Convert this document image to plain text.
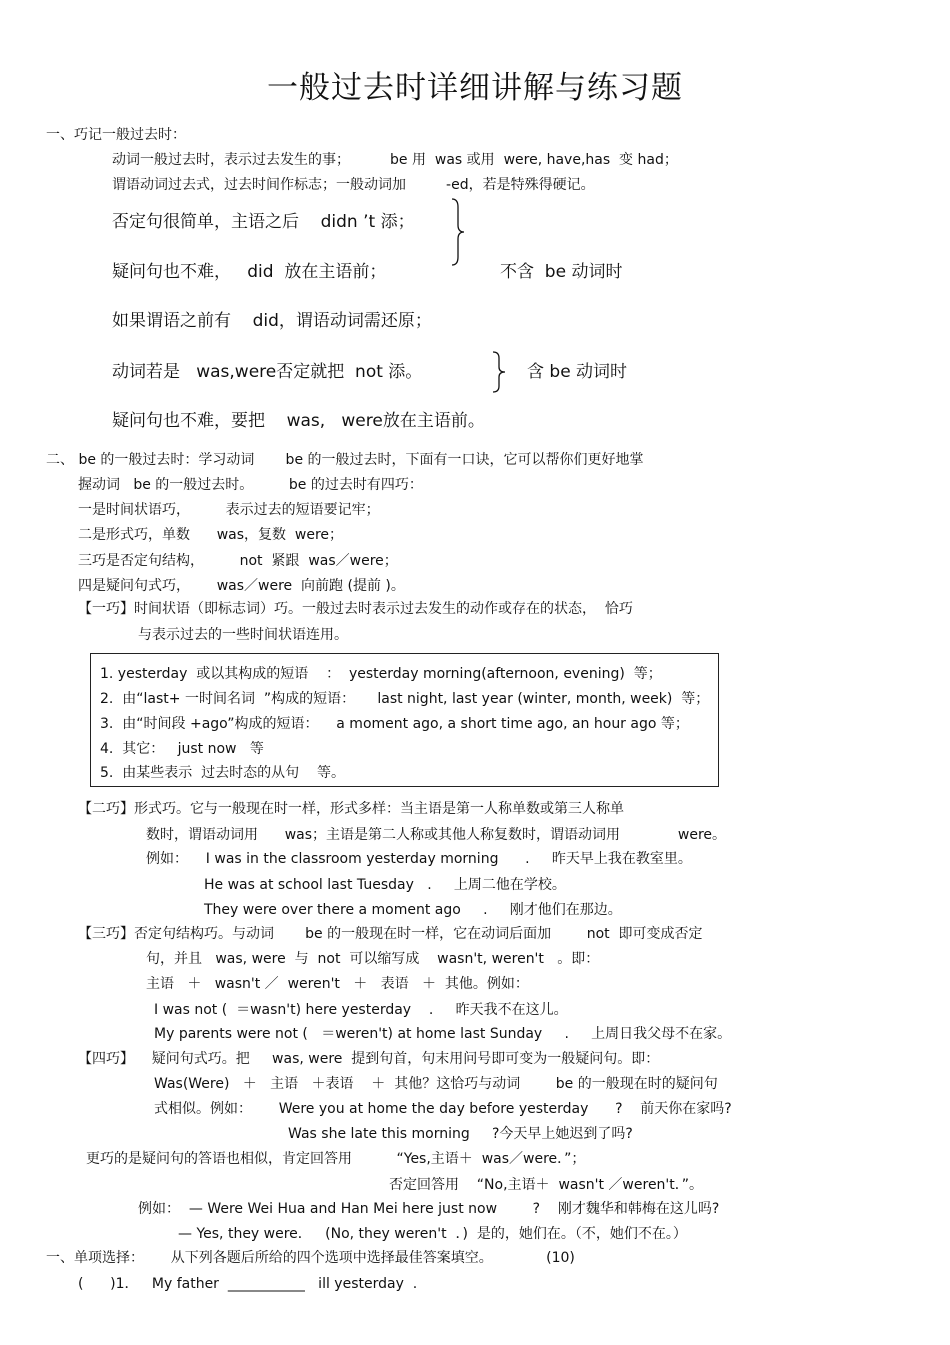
一般过去时详细讲解与练习题
一、巧记一般过去时：
动词一般过去时，表示过去发生的事；         be 用  was 或用  were, have,has  变 had；
谓语动词过去式，过去时间作标志；一般动词加         -ed，若是特殊得硬记。
否定句很简单，主语之后    didn ’t 添；
疑问句也不难，   did  放在主语前；	不含  be 动词时
如果谓语之前有    did，谓语动词需还原；
动词若是   was,were否定就把  not 添。	含 be 动词时
疑问句也不难，要把    was,   were放在主语前。
二、 be 的一般过去时：学习动词       be 的一般过去时，下面有一口诀，它可以帮你们更好地掌
握动词   be 的一般过去时。        be 的过去时有四巧：
一是时间状语巧，        表示过去的短语要记牢；
二是形式巧，单数      was，复数  were；
三巧是否定句结构，        not  紧跟  was／were；
四是疑问句式巧，      was／were  向前跑 (提前 )。
【一巧】时间状语（即标志词）巧。一般过去时表示过去发生的动作或存在的状态，  恰巧
与表示过去的一些时间状语连用。
1. yesterday  或以其构成的短语    ：  yesterday morning(afternoon, evening)  等；
2.  由“last+ 一时间名词  ”构成的短语：     last night, last year (winter, month, week)  等；
3.  由“时间段 +ago”构成的短语：    a moment ago, a short time ago, an hour ago 等；
4.  其它：   just now   等
5.  由某些表示  过去时态的从句    等。
【二巧】形式巧。它与一般现在时一样，形式多样：当主语是第一人称单数或第三人称单
数时，谓语动词用      was；主语是第二人称或其他人称复数时，谓语动词用             were。
例如：    I was in the classroom yesterday morning      .     昨天早上我在教室里。
He was at school last Tuesday   .     上周二他在学校。
They were over there a moment ago     .     刚才他们在那边。
【三巧】否定句结构巧。与动词       be 的一般现在时一样，它在动词后面加        not  即可变成否定
句，并且   was, were  与  not  可以缩写成    wasn't, weren't   。即：
主语   ＋   wasn't ／  weren't   ＋   表语   ＋  其他。例如：
I was not (  ＝wasn't) here yesterday    .     昨天我不在这儿。
My parents were not (   ＝weren't) at home last Sunday     .     上周日我父母不在家。
【四巧】    疑问句式巧。把     was, were  提到句首，句末用问号即可变为一般疑问句。即：
Was(Were)   ＋   主语   ＋表语    ＋  其他？这恰巧与动词        be 的一般现在时的疑问句
式相似。例如：      Were you at home the day before yesterday      ?    前天你在家吗?
Was she late this morning     ?今天早上她迟到了吗?
更巧的是疑问句的答语也相似，肯定回答用          “Yes,主语＋  was／were．”；
否定回答用    “No,主语＋  wasn't ／weren't．”。
例如：  — Were Wei Hua and Han Mei here just now        ?    刚才魏华和韩梅在这儿吗?
— Yes, they were．   (No, they weren't  ．)  是的，她们在。（不，她们不在。）
一、单项选择：      从下列各题后所给的四个选项中选择最佳答案填空。            (10)
(      )1．   My father  ___________   ill yesterday  .
